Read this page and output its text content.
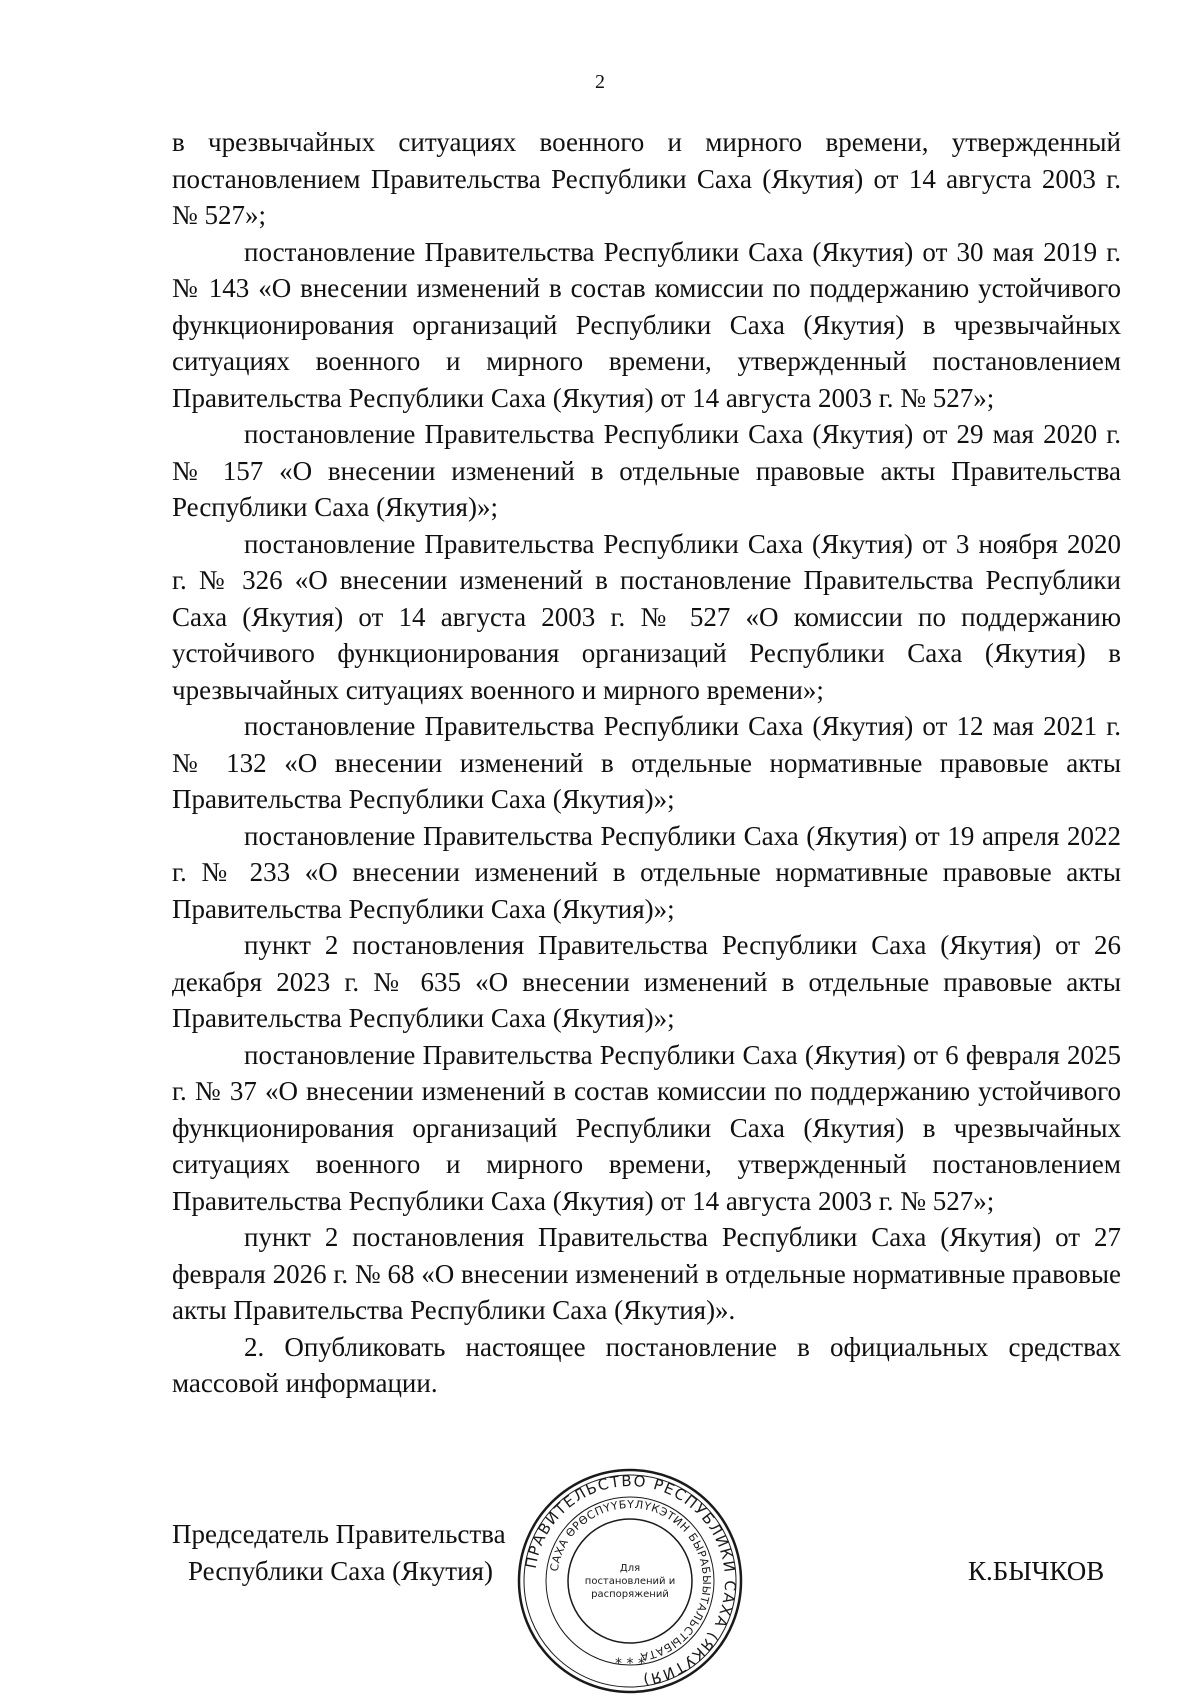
2

в чрезвычайных ситуациях военного и мирного времени, утвержденный постановлением Правительства Республики Саха (Якутия) от 14 августа 2003 г. № 527»;

постановление Правительства Республики Саха (Якутия) от 30 мая 2019 г. № 143 «О внесении изменений в состав комиссии по поддержанию устойчивого функционирования организаций Республики Саха (Якутия) в чрезвычайных ситуациях военного и мирного времени, утвержденный постановлением Правительства Республики Саха (Якутия) от 14 августа 2003 г. № 527»;

постановление Правительства Республики Саха (Якутия) от 29 мая 2020 г. № 157 «О внесении изменений в отдельные правовые акты Правительства Республики Саха (Якутия)»;

постановление Правительства Республики Саха (Якутия) от 3 ноября 2020 г. № 326 «О внесении изменений в постановление Правительства Республики Саха (Якутия) от 14 августа 2003 г. № 527 «О комиссии по поддержанию устойчивого функционирования организаций Республики Саха (Якутия) в чрезвычайных ситуациях военного и мирного времени»;

постановление Правительства Республики Саха (Якутия) от 12 мая 2021 г. № 132 «О внесении изменений в отдельные нормативные правовые акты Правительства Республики Саха (Якутия)»;

постановление Правительства Республики Саха (Якутия) от 19 апреля 2022 г. № 233 «О внесении изменений в отдельные нормативные правовые акты Правительства Республики Саха (Якутия)»;

пункт 2 постановления Правительства Республики Саха (Якутия) от 26 декабря 2023 г. № 635 «О внесении изменений в отдельные правовые акты Правительства Республики Саха (Якутия)»;

постановление Правительства Республики Саха (Якутия) от 6 февраля 2025 г. № 37 «О внесении изменений в состав комиссии по поддержанию устойчивого функционирования организаций Республики Саха (Якутия) в чрезвычайных ситуациях военного и мирного времени, утвержденный постановлением Правительства Республики Саха (Якутия) от 14 августа 2003 г. № 527»;

пункт 2 постановления Правительства Республики Саха (Якутия) от 27 февраля 2026 г. № 68 «О внесении изменений в отдельные нормативные правовые акты Правительства Республики Саха (Якутия)».

2. Опубликовать настоящее постановление в официальных средствах массовой информации.

Председатель Правительства
Республики Саха (Якутия)	К.БЫЧКОВ
ПРАВИТЕЛЬСТВО РЕСПУБЛИКИ САХА (ЯКУТИЯ)
САХА ӨРӨСПҮҮБҮЛҮКЭТИН БЫРАБЫЫТАЛЬСТЫБАТА
Для
постановлений и
распоряжений
* * *
